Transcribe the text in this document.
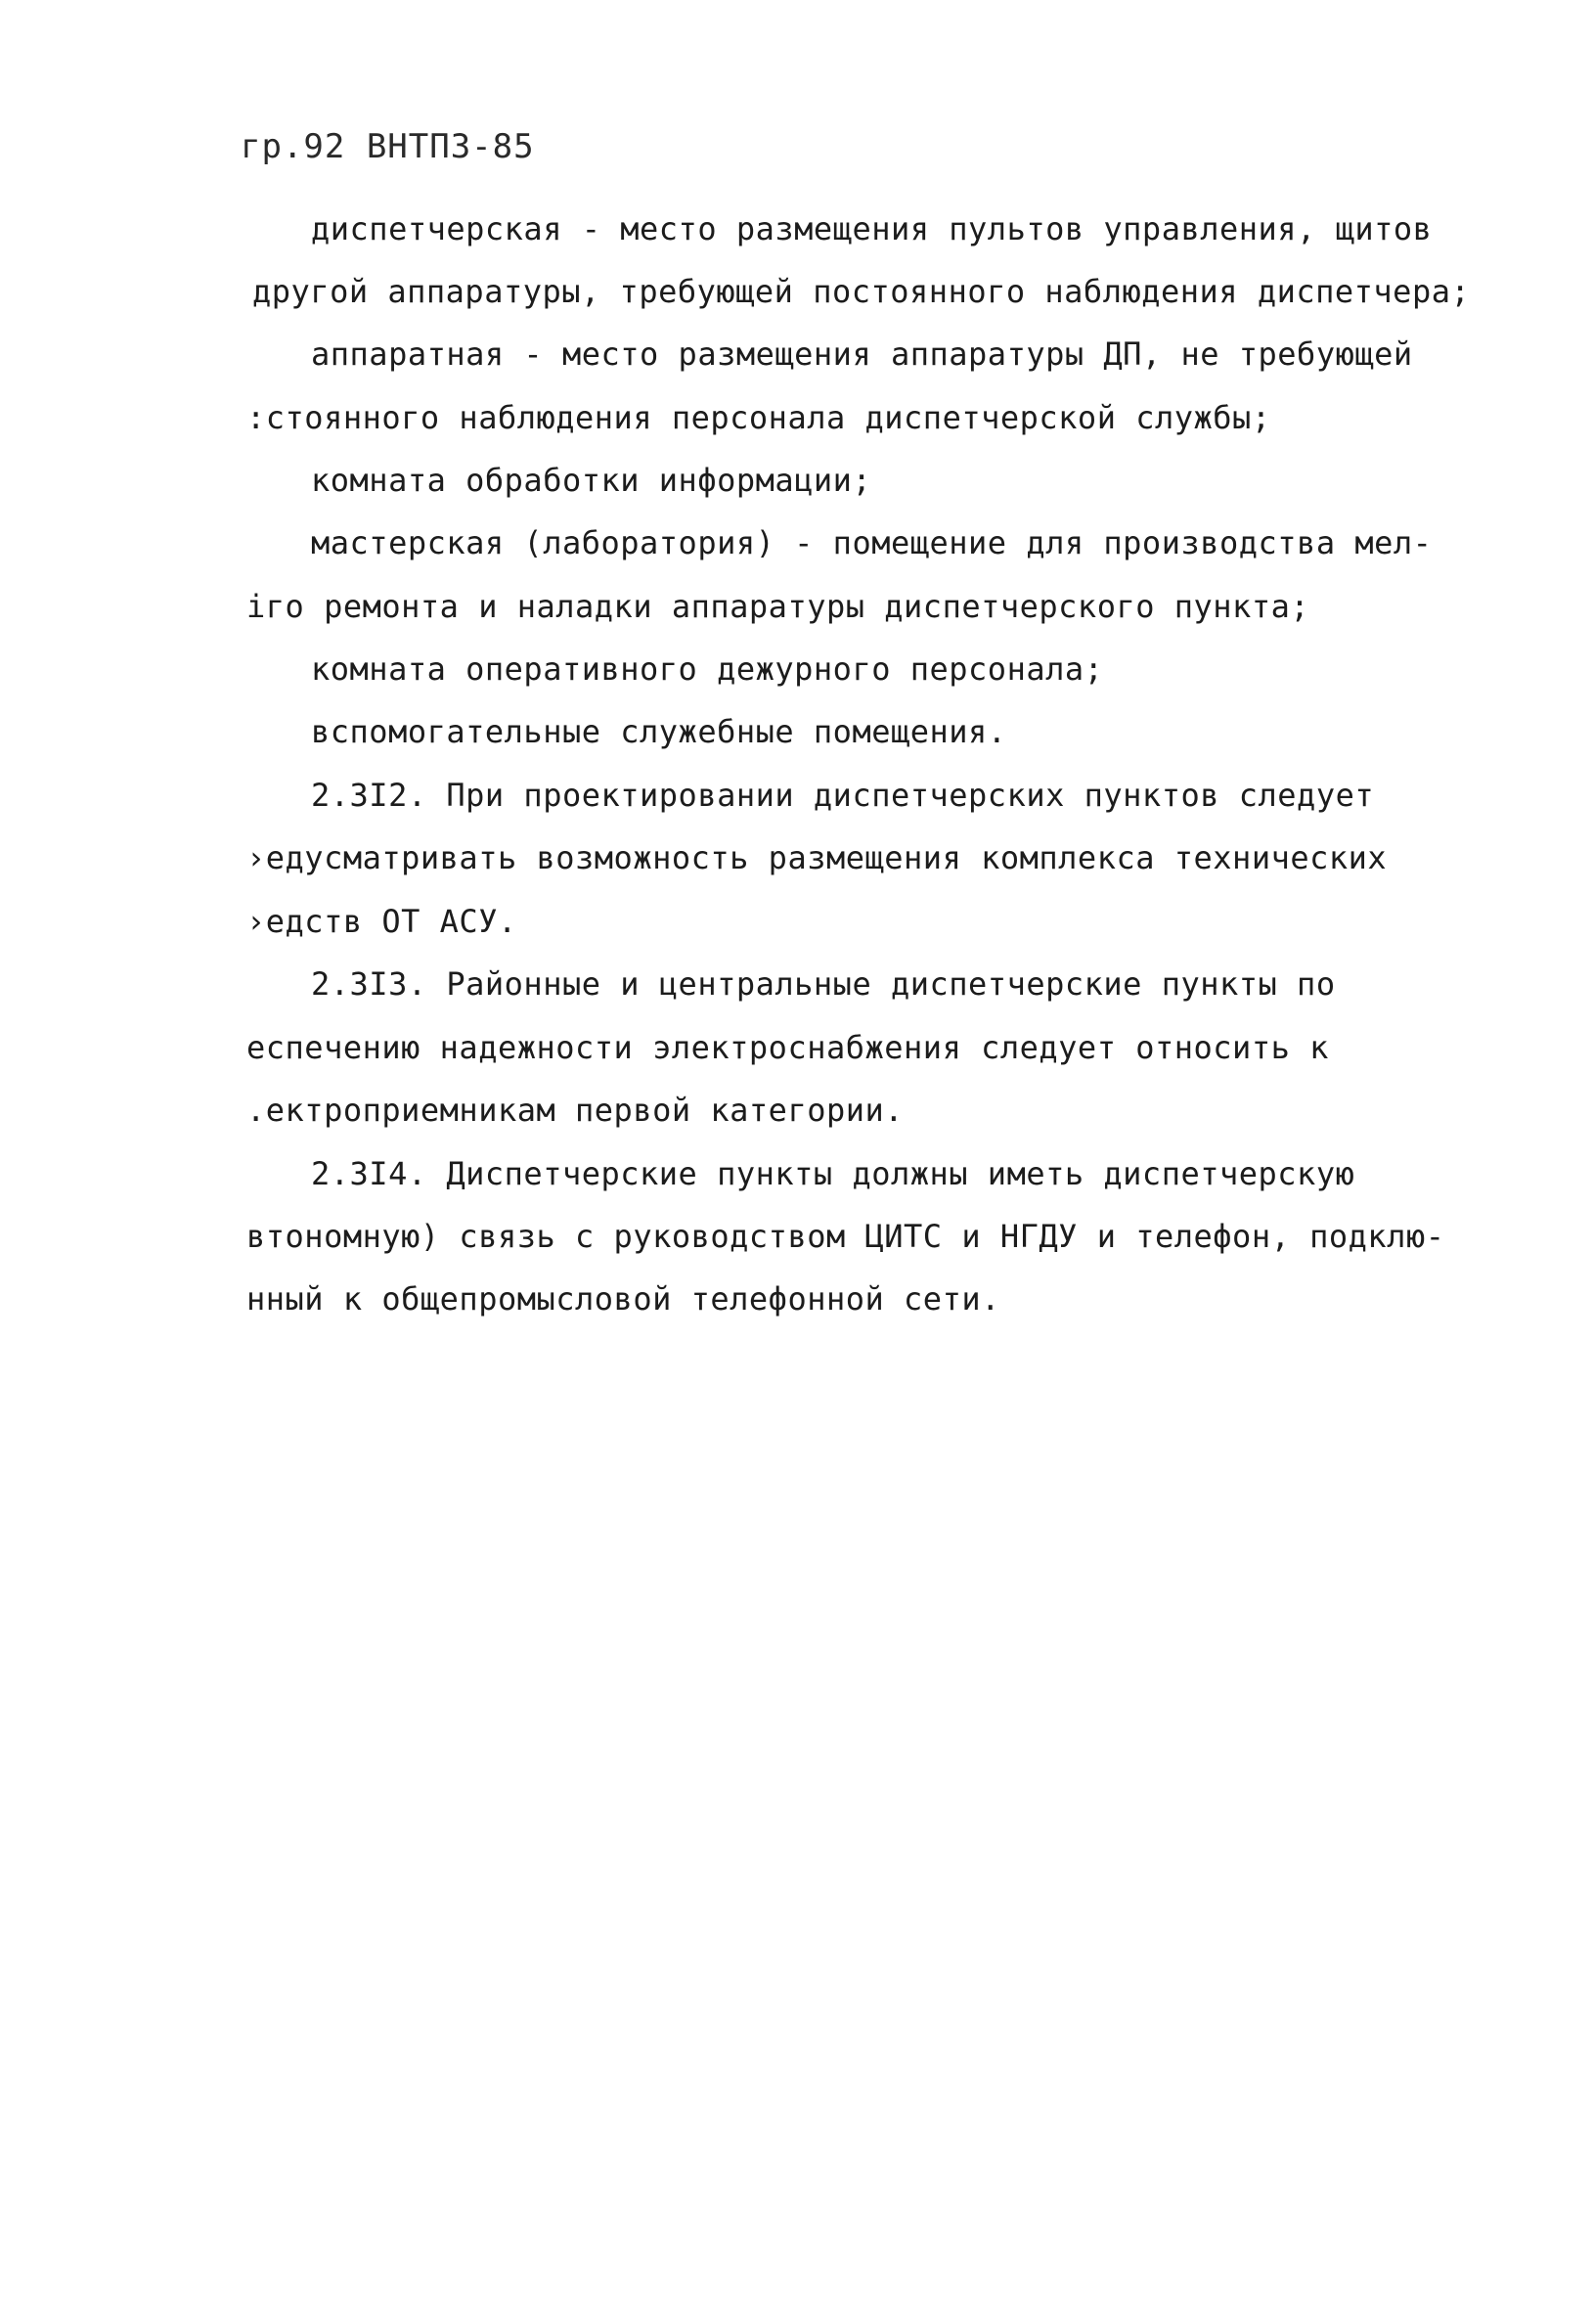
гр.92 ВНТПЗ-85
диспетчерская - место размещения пультов управления, щитов
другой аппаратуры, требующей постоянного наблюдения диспетчера;
аппаратная - место размещения аппаратуры ДП, не требующей
:стоянного наблюдения персонала диспетчерской службы;
комната обработки информации;
мастерская (лаборатория) - помещение для производства мел-
іго ремонта и наладки аппаратуры диспетчерского пункта;
комната оперативного дежурного персонала;
вспомогательные служебные помещения.
2.3I2. При проектировании диспетчерских пунктов следует
›едусматривать возможность размещения комплекса технических
›едств ОТ АСУ.
2.3I3. Районные и центральные диспетчерские пункты по
еспечению надежности электроснабжения следует относить к
.ектроприемникам первой категории.
2.3I4. Диспетчерские пункты должны иметь диспетчерскую
втономную) связь с руководством ЦИТС и НГДУ и телефон, подклю-
нный к общепромысловой телефонной сети.
